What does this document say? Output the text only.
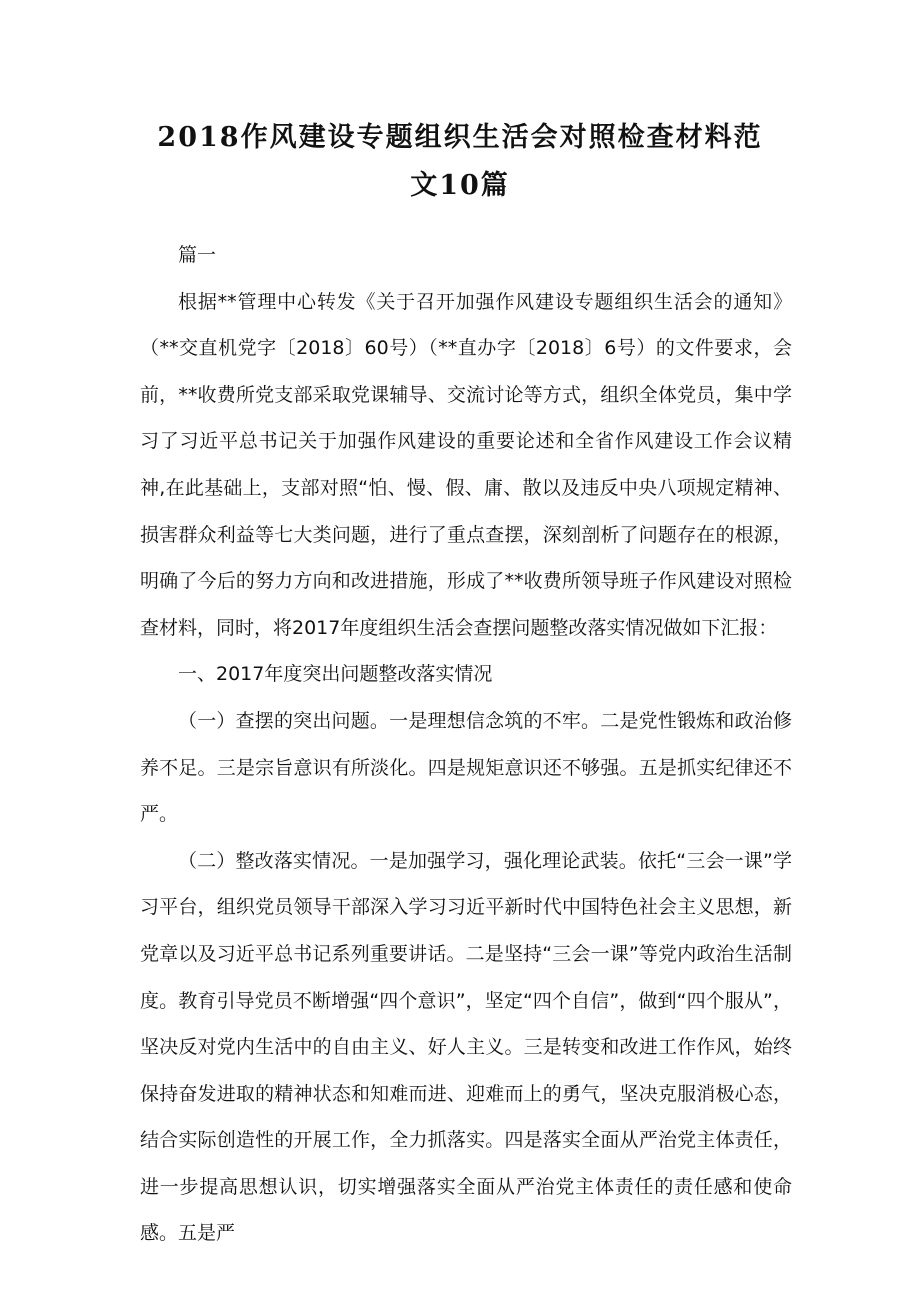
2018作风建设专题组织生活会对照检查材料范
文10篇

篇一

根据**管理中心转发《关于召开加强作风建设专题组织生活会的通知》（**交直机党字〔2018〕60号）（**直办字〔2018〕6号）的文件要求，会前，**收费所党支部采取党课辅导、交流讨论等方式，组织全体党员，集中学习了习近平总书记关于加强作风建设的重要论述和全省作风建设工作会议精神,在此基础上，支部对照“怕、慢、假、庸、散以及违反中央八项规定精神、损害群众利益等七大类问题，进行了重点查摆，深刻剖析了问题存在的根源，明确了今后的努力方向和改进措施，形成了**收费所领导班子作风建设对照检查材料，同时，将2017年度组织生活会查摆问题整改落实情况做如下汇报：

一、2017年度突出问题整改落实情况

（一）查摆的突出问题。一是理想信念筑的不牢。二是党性锻炼和政治修养不足。三是宗旨意识有所淡化。四是规矩意识还不够强。五是抓实纪律还不严。

（二）整改落实情况。一是加强学习，强化理论武装。依托“三会一课”学习平台，组织党员领导干部深入学习习近平新时代中国特色社会主义思想，新党章以及习近平总书记系列重要讲话。二是坚持“三会一课”等党内政治生活制度。教育引导党员不断增强“四个意识”，坚定“四个自信”，做到“四个服从”，坚决反对党内生活中的自由主义、好人主义。三是转变和改进工作作风，始终保持奋发进取的精神状态和知难而进、迎难而上的勇气，坚决克服消极心态，结合实际创造性的开展工作，全力抓落实。四是落实全面从严治党主体责任，进一步提高思想认识，切实增强落实全面从严治党主体责任的责任感和使命感。五是严
